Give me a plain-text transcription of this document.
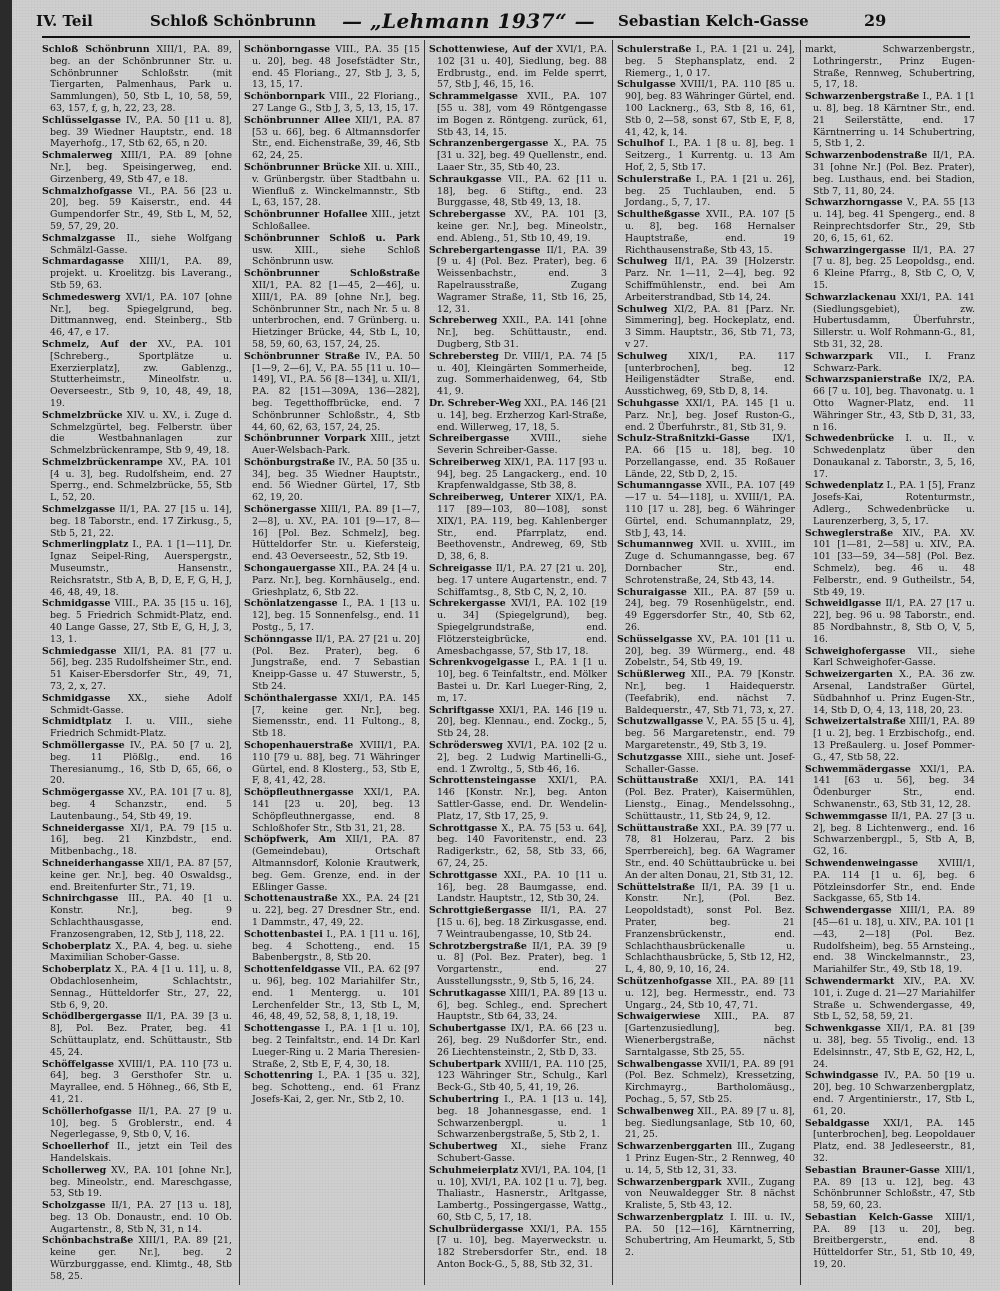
IV. Teil	Schloß Schönbrunn — „Lehmann 1937“ — Sebastian Kelch-Gasse	29

Schloß Schönbrunn XIII/1, P.A. 89, beg. an der Schönbrunner Str. u. Schönbrunner Schloßstr. (mit Tiergarten, Palmenhaus, Park u. Sammlungen), 50, Stb L, 10, 58, 59, 63, 157, f, g, h, 22, 23, 28.

Schlüsselgasse IV., P.A. 50 [11 u. 8], beg. 39 Wiedner Hauptstr., end. 18 Mayerhofg., 17, Stb 62, 65, n 20.

Schmalerweg XIII/1, P.A. 89 [ohne Nr.], beg. Speisingerweg, end. Girzenberg, 49, Stb 47, e 18.

Schmalzhofgasse VI., P.A. 56 [23 u. 20], beg. 59 Kaiserstr., end. 44 Gumpendorfer Str., 49, Stb L, M, 52, 59, 57, 29, 20.

Schmalzgasse II., siehe Wolfgang Schmälzl-Gasse.

Schmardagasse XIII/1, P.A. 89, projekt. u. Kroelitzg. bis Laverang., Stb 59, 63.

Schmedeswerg XVI/1, P.A. 107 [ohne Nr.], beg. Spiegelgrund, beg. Dittmannweg, end. Steinberg., Stb 46, 47, e 17.

Schmelz, Auf der XV., P.A. 101 [Schreberg., Sportplätze u. Exerzierplatz], zw. Gablenzg., Stutterheimstr., Mineolfstr. u. Oeverseestr., Stb 9, 10, 48, 49, 18, 19.

Schmelzbrücke XIV. u. XV., i. Zuge d. Schmelzgürtel, beg. Felberstr. über die Westbahnanlagen zur Schmelzbrückenrampe, Stb 9, 49, 18.

Schmelzbrückenrampe XV., P.A. 101 [4 u. 3], beg. Rudolfsheim, end. 27 Sperrg., end. Schmelzbrücke, 55, Stb L, 52, 20.

Schmelzgasse II/1, P.A. 27 [15 u. 14], beg. 18 Taborstr., end. 17 Zirkusg., 5, Stb 5, 21, 22.

Schmerlingplatz I., P.A. 1 [1—11], Dr. Ignaz Seipel-Ring, Auerspergstr., Museumstr., Hansenstr., Reichsratstr., Stb A, B, D, E, F, G, H, J, 46, 48, 49, 18.

Schmidgasse VIII., P.A. 35 [15 u. 16], beg. 5 Friedrich Schmidt-Platz, end. 40 Lange Gasse, 27, Stb E, G, H, J, 3, 13, 1.

Schmiedgasse XII/1, P.A. 81 [77 u. 56], beg. 235 Rudolfsheimer Str., end. 51 Kaiser-Ebersdorfer Str., 49, 71, 73, 2, x, 27.

Schmidgasse XX., siehe Adolf Schmidt-Gasse.

Schmidtplatz I. u. VIII., siehe Friedrich Schmidt-Platz.

Schmöllergasse IV., P.A. 50 [7 u. 2], beg. 11 Plößlg., end. 16 Theresianumg., 16, Stb D, 65, 66, o 20.

Schmögergasse XV., P.A. 101 [7 u. 8], beg. 4 Schanzstr., end. 5 Lautenbaung., 54, Stb 49, 19.

Schneidergasse XI/1, P.A. 79 [15 u. 16], beg. 21 Kinzbdstr., end. Mitbenbachg., 18.

Schneiderhangasse XII/1, P.A. 87 [57, keine ger. Nr.], beg. 40 Oswaldsg., end. Breitenfurter Str., 71, 19.

Schnirchgasse III., P.A. 40 [1 u. Konstr. Nr.], beg. 9 Schlachthausgasse, end. Franzosengraben, 12, Stb J, 118, 22.

Schoberplatz X., P.A. 4, beg. u. siehe Maximilian Schober-Gasse.

Schoberplatz X., P.A. 4 [1 u. 11], u. 8, Obdachlosenheim, Schlachtstr., Sennag., Hütteldorfer Str., 27, 22, Stb 6, 9, 20.

Schödlbergergasse II/1, P.A. 39 [3 u. 8], Pol. Bez. Prater, beg. 41 Schüttauplatz, end. Schüttaustr., Stb 45, 24.

Schöffelgasse XVIII/1, P.A. 110 [73 u. 64], beg. 3 Gersthofer Str. u. Mayrallee, end. 5 Höhneg., 66, Stb E, 41, 21.

Schöllerhofgasse II/1, P.A. 27 [9 u. 10], beg. 5 Groblerstr., end. 4 Negerlegasse, 9, Stb 0, V, 16.

Schoellerhof II., jetzt ein Teil des Handelskais.

Schollerweg XV., P.A. 101 [ohne Nr.], beg. Mineolstr., end. Mareschgasse, 53, Stb 19.

Scholzgasse II/1, P.A. 27 [13 u. 18], beg. 13 Ob. Donaustr., end. 10 Ob. Augartenstr., 8, Stb N, 31, n 14.

Schönbachstraße XIII/1, P.A. 89 [21, keine ger. Nr.], beg. 2 Würzburggasse, end. Klimtg., 48, Stb 58, 25.

Schönborngasse VIII., P.A. 35 [15 u. 20], beg. 48 Josefstädter Str., end. 45 Floriang., 27, Stb J, 3, 5, 13, 15, 17.

Schönbornpark VIII., 22 Floriang., 27 Lange G., Stb J, 3, 5, 13, 15, 17.

Schönbrunner Allee XII/1, P.A. 87 [53 u. 66], beg. 6 Altmannsdorfer Str., end. Eichenstraße, 39, 46, Stb 62, 24, 25.

Schönbrunner Brücke XII. u. XIII., v. Grünbergstr. über Stadtbahn u. Wienfluß z. Winckelmannstr., Stb L, 63, 157, 28.

Schönbrunner Hofallee XIII., jetzt Schloßallee.

Schönbrunner Schloß u. Park usw. XIII., siehe Schloß Schönbrunn usw.

Schönbrunner Schloßstraße XII/1, P.A. 82 [1—45, 2—46], u. XIII/1, P.A. 89 [ohne Nr.], beg. Schönbrunner Str., nach Nr. 5 u. 8 unterbrochen, end. 7 Grünberg. u. Hietzinger Brücke, 44, Stb L, 10, 58, 59, 60, 63, 157, 24, 25.

Schönbrunner Straße IV., P.A. 50 [1—9, 2—6], V., P.A. 55 [11 u. 10—149], VI., P.A. 56 [8—134], u. XII/1, P.A. 82 [151—309A, 136—282], beg. Tegetthoffbrücke, end. 7 Schönbrunner Schloßstr., 4, Stb 44, 60, 62, 63, 157, 24, 25.

Schönbrunner Vorpark XIII., jetzt Auer-Welsbach-Park.

Schönburgstraße IV., P.A. 50 [35 u. 34], beg. 35 Wiedner Hauptstr., end. 56 Wiedner Gürtel, 17, Stb 62, 19, 20.

Schönergasse XIII/1, P.A. 89 [1—7, 2—8], u. XV., P.A. 101 [9—17, 8—16] [Pol. Bez. Schmelz], beg. Hütteldorfer Str. u. Kiefersteig, end. 43 Oeverseestr., 52, Stb 19.

Schongauergasse XII., P.A. 24 [4 u. Parz. Nr.], beg. Kornhäuselg., end. Grieshplatz, 6, Stb 22.

Schönlatzengasse I., P.A. 1 [13 u. 12], beg. 15 Sonnenfelsg., end. 11 Postg., 5, 17.

Schönngasse II/1, P.A. 27 [21 u. 20] (Pol. Bez. Prater), beg. 6 Jungstraße, end. 7 Sebastian Kneipp-Gasse u. 47 Stuwerstr., 5, Stb 24.

Schönthalergasse XXI/1, P.A. 145 [7, keine ger. Nr.], beg. Siemensstr., end. 11 Fultong., 8, Stb 18.

Schopenhauerstraße XVIII/1, P.A. 110 [79 u. 88], beg. 71 Währinger Gürtel, end. 8 Klosterg., 53, Stb E, F, 8, 41, 42, 28.

Schöpfleuthnergasse XXI/1, P.A. 141 [23 u. 20], beg. 13 Schöpfleuthnergasse, end. 8 Schloßhofer Str., Stb 31, 21, 28.

Schöpfwerk, Am XII/1, P.A. 87 (Gemeindebau), Ortschaft Altmannsdorf, Kolonie Krautwerk, beg. Gem. Grenze, end. in der Eßlinger Gasse.

Schottenaustraße XX., P.A. 24 [21 u. 22], beg. 27 Dresdner Str., end. 1 Dammstr., 47, 49, 22.

Schottenbastei I., P.A. 1 [11 u. 16], beg. 4 Schotteng., end. 15 Babenbergstr., 8, Stb 20.

Schottenfeldgasse VII., P.A. 62 [97 u. 96], beg. 102 Mariahilfer Str., end. 1 Mentergg. u. 101 Lerchenfelder Str., 13, Stb L, M, 46, 48, 49, 52, 58, 8, 1, 18, 19.

Schottengasse I., P.A. 1 [1 u. 10], beg. 2 Teinfaltstr., end. 14 Dr. Karl Lueger-Ring u. 2 Maria Theresien-Straße, 2, Stb E, F, 4, 30, 18.

Schottenring I., P.A. 1 [35 u. 32], beg. Schotteng., end. 61 Franz Josefs-Kai, 2, ger. Nr., Stb 2, 10.

Schottenwiese, Auf der XVI/1, P.A. 102 [31 u. 40], Siedlung, beg. 88 Erdbrustg., end. im Felde sperrt, 57, Stb J, 46, 15, 16.

Schrammelgasse XVII., P.A. 107 [55 u. 38], vom 49 Röntgengasse im Bogen z. Röntgeng. zurück, 61, Stb 43, 14, 15.

Schranzenbergergasse X., P.A. 75 [31 u. 32], beg. 49 Quellenstr., end. Laaer Str., 35, Stb 40, 23.

Schraukgasse VII., P.A. 62 [11 u. 18], beg. 6 Stiftg., end. 23 Burggasse, 48, Stb 49, 13, 18.

Schrebergasse XV., P.A. 101 [3, keine ger. Nr.], beg. Mineolstr., end. Ableng., 51, Stb 10, 49, 19.

Schrebergartengasse II/1, P.A. 39 [9 u. 4] (Pol. Bez. Prater), beg. 6 Weissenbachstr., end. 3 Rapelrausstraße, Zugang Wagramer Straße, 11, Stb 16, 25, 12, 31.

Schreberweg XXII., P.A. 141 [ohne Nr.], beg. Schüttaustr., end. Dugberg, Stb 31.

Schrebersteg Dr. VIII/1, P.A. 74 [5 u. 40], Kleingärten Sommerheide, zug. Sommerhaidenweg, 64, Stb 41, 9.

Dr. Schreber-Weg XXI., P.A. 146 [21 u. 14], beg. Erzherzog Karl-Straße, end. Willerweg, 17, 18, 5.

Schreibergasse XVIII., siehe Severin Schreiber-Gasse.

Schreiberweg XIX/1, P.A. 117 [93 u. 94], beg. 25 Langackerg., end. 10 Krapfenwaldgasse, Stb 38, 8.

Schreiberweg, Unterer XIX/1, P.A. 117 [89—103, 80—108], sonst XIX/1, P.A. 119, beg. Kahlenberger Str., end. Pfarrplatz, end. Beethovenstr., Andreweg, 69, Stb D, 38, 6, 8.

Schreigasse II/1, P.A. 27 [21 u. 20], beg. 17 untere Augartenstr., end. 7 Schiffamtsg., 8, Stb C, N, 2, 10.

Schrekergasse XVI/1, P.A. 102 [19 u. 34] (Spiegelgrund), beg. Spiegelgrundstraße, end. Flötzersteigbrücke, end. Amesbachgasse, 57, Stb 17, 18.

Schrenkvogelgasse I., P.A. 1 [1 u. 10], beg. 6 Teinfaltstr., end. Mölker Bastei u. Dr. Karl Lueger-Ring, 2, m, 17.

Schriftgasse XXI/1, P.A. 146 [19 u. 20], beg. Klennau., end. Zockg., 5, Stb 24, 28.

Schrödersweg XVI/1, P.A. 102 [2 u. 2], beg. 2 Ludwig Martinelli-G., end. 1 Zwroltg., 5, Stb 46, 16.

Schrottensteingasse XXI/1, P.A. 146 [Konstr. Nr.], beg. Anton Sattler-Gasse, end. Dr. Wendelin-Platz, 17, Stb 17, 25, 9.

Schrottgasse X., P.A. 75 [53 u. 64], beg. 140 Favoritenstr., end. 23 Radigerkstr., 62, 58, Stb 33, 66, 67, 24, 25.

Schrottgasse XXI., P.A. 10 [11 u. 16], beg. 28 Baumgasse, end. Landstr. Hauptstr., 12, Stb 30, 24.

Schrottgießergasse II/1, P.A. 27 [15 u. 6], beg. 18 Zirkusgasse, end. 7 Weintraubengasse, 10, Stb 24.

Schrotzbergstraße II/1, P.A. 39 [9 u. 8] (Pol. Bez. Prater), beg. 1 Vorgartenstr., end. 27 Ausstellungsstr., 9, Stb 5, 16, 24.

Schrutkagasse XIII/1, P.A. 89 [13 u. 6], beg. Schleg., end. Sprechert Hauptstr., Stb 64, 33, 24.

Schubertgasse IX/1, P.A. 66 [23 u. 26], beg. 29 Nußdorfer Str., end. 26 Liechtensteinstr., 2, Stb D, 33.

Schubertpark XVIII/1, P.A. 110 [25, 123 Währinger Str., Schulg., Karl Beck-G., Stb 40, 5, 41, 19, 26.

Schubertring I., P.A. 1 [13 u. 14], beg. 18 Johannesgasse, end. 1 Schwarzenbergpl. u. 1 Schwarzenbergstraße, 5, Stb 2, 1.

Schubertweg XI., siehe Franz Schubert-Gasse.

Schuhmeierplatz XVI/1, P.A. 104, [1 u. 10], XVI/1, P.A. 102 [1 u. 7], beg. Thaliastr., Hasnerstr., Arltgasse, Lambertg., Possingergasse, Wattg., 60, Stb C, 5, 17, 18.

Schulbrüdergasse XXI/1, P.A. 155 [7 u. 10], beg. Mayerweckstr. u. 182 Strebersdorfer Str., end. 18 Anton Bock-G., 5, 88, Stb 32, 31.

Schulerstraße I., P.A. 1 [21 u. 24], beg. 5 Stephansplatz, end. 2 Riemerg., 1, 0 17.

Schulgasse XVIII/1, P.A. 110 [85 u. 90], beg. 83 Währinger Gürtel, end. 100 Lacknerg., 63, Stb 8, 16, 61, Stb 0, 2—58, sonst 67, Stb E, F, 8, 41, 42, k, 14.

Schulhof I., P.A. 1 [8 u. 8], beg. 1 Seitzerg., 1 Kurrentg. u. 13 Am Hof, 2, 5, Stb 17.

Schulerstraße I., P.A. 1 [21 u. 26], beg. 25 Tuchlauben, end. 5 Jordang., 5, 7, 17.

Schultheßgasse XVII., P.A. 107 [5 u. 8], beg. 168 Hernalser Hauptstraße, end. 19 Richthausenstraße, Stb 43, 15.

Schulweg II/1, P.A. 39 [Holzerstr. Parz. Nr. 1—11, 2—4], beg. 92 Schiffmühlenstr., end. bei Am Arbeiterstrandbad, Stb 14, 24.

Schulweg XI/2, P.A. 81 [Parz. Nr. Simmering], beg. Hockeplatz, end. 3 Simm. Hauptstr., 36, Stb 71, 73, v 27.

Schulweg XIX/1, P.A. 117 [unterbrochen], beg. 12 Heiligenstädter Straße, end. Ausstichweg, 69, Stb D, 8, 14.

Schuhgasse XXI/1, P.A. 145 [1 u. Parz. Nr.], beg. Josef Ruston-G., end. 2 Überfuhrstr., 81, Stb 31, 9.

Schulz-Straßnitzki-Gasse IX/1, P.A. 66 [15 u. 18], beg. 10 Porzellangasse, end. 35 Roßauer Lände, 22, Stb D, 2, 15.

Schumanngasse XVII., P.A. 107 [49—17 u. 54—118], u. XVIII/1, P.A. 110 [17 u. 28], beg. 6 Währinger Gürtel, end. Schumannplatz, 29, Stb J, 43, 14.

Schumannweg XVII. u. XVIII., im Zuge d. Schumanngasse, beg. 67 Dornbacher Str., end. Schrotenstraße, 24, Stb 43, 14.

Schuraigasse XII., P.A. 87 [59 u. 24], beg. 79 Rosenhügelstr., end. 49 Eggersdorfer Str., 40, Stb 62, 26.

Schüsselgasse XV., P.A. 101 [11 u. 20], beg. 39 Würmerg., end. 48 Zobelstr., 54, Stb 49, 19.

Schüßlerweg XII., P.A. 79 [Konstr. Nr.], beg. 1 Haidequerstr. (Teefabrik), end. nächst 7. Baldequerstr., 47, Stb 71, 73, x, 27.

Schutzwallgasse V., P.A. 55 [5 u. 4], beg. 56 Margaretenstr., end. 79 Margaretenstr., 49, Stb 3, 19.

Schutzgasse XIII., siehe unt. Josef-Schaller-Gasse.

Schüttaustraße XXI/1, P.A. 141 (Pol. Bez. Prater), Kaisermühlen, Lienstg., Einag., Mendelssohng., Schüttaustr., 11, Stb 24, 9, 12.

Schüttaustraße XXI., P.A. 39 [77 u. 78, 81 Holzerau, Parz. 2 bis Sperrbereich], beg. 6A Wagramer Str., end. 40 Schüttaubrücke u. bei An der alten Donau, 21, Stb 31, 12.

Schüttelstraße II/1, P.A. 39 [1 u. Konstr. Nr.], (Pol. Bez. Leopoldstadt), sonst Pol. Bez. Prater, beg. 21 Franzensbrückenstr., end. Schlachthausbrückenalle u. Schlachthausbrücke, 5, Stb 12, H2, L, 4, 80, 9, 10, 16, 24.

Schützenhofgasse XII., P.A. 89 [11 u. 12], beg. Hermesstr., end. 73 Ungarg., 24, Stb 10, 47, 71.

Schwaigerwiese XIII., P.A. 87 [Gartenzusiedlung], beg. Wienerbergstraße, nächst Sarntalgasse, Stb 25, 55.

Schwalbengasse XVII/1, P.A. 89 [91 (Pol. Bez. Schmelz), Kressetzing, Kirchmayrg., Bartholomäusg., Pochag., 5, 57, Stb 25.

Schwalbenweg XII., P.A. 89 [7 u. 8], beg. Siedlungsanlage, Stb 10, 60, 21, 25.

Schwarzenberggarten III., Zugang 1 Prinz Eugen-Str., 2 Rennweg, 40 u. 14, 5, Stb 12, 31, 33.

Schwarzenbergpark XVII., Zugang von Neuwaldegger Str. 8 nächst Kraliste, 5, Stb 43, 12.

Schwarzenbergplatz I. III. u. IV., P.A. 50 [12—16], Kärntnerring, Schubertring, Am Heumarkt, 5, Stb 2.

markt, Schwarzenbergstr., Lothringerstr., Prinz Eugen-Straße, Rennweg, Schubertring, 5, 17, 18.

Schwarzenbergstraße I., P.A. 1 [1 u. 8], beg. 18 Kärntner Str., end. 21 Seilerstätte, end. 17 Kärntnerring u. 14 Schubertring, 5, Stb 1, 2.

Schwarzenbodenstraße II/1, P.A. 31 [ohne Nr.] (Pol. Bez. Prater), beg. Lusthaus, end. bei Stadion, Stb 7, 11, 80, 24.

Schwarzhorngasse V., P.A. 55 [13 u. 14], beg. 41 Spengerg., end. 8 Reinprechtsdorfer Str., 29, Stb 20, 6, 15, 61, 62.

Schwarzingergasse II/1, P.A. 27 [7 u. 8], beg. 25 Leopoldsg., end. 6 Kleine Pfarrg., 8, Stb C, O, V, 15.

Schwarzlackenau XXI/1, P.A. 141 (Siedlungsgebiet), zw. Hubertusdamm, Überfuhrstr., Sillerstr. u. Wolf Rohmann-G., 81, Stb 31, 32, 28.

Schwarzpark VII., I. Franz Schwarz-Park.

Schwarzspanierstraße IX/2, P.A. 66 [7 u. 10], beg. Thavonatg. u. 1 Otto Wagner-Platz, end. 11 Währinger Str., 43, Stb D, 31, 33, n 16.

Schwedenbrücke I. u. II., v. Schwedenplatz über den Donaukanal z. Taborstr., 3, 5, 16, 17.

Schwedenplatz I., P.A. 1 [5], Franz Josefs-Kai, Rotenturmstr., Adlerg., Schwedenbrücke u. Laurenzerberg, 3, 5, 17.

Schweglerstraße XIV., P.A. XV. 101 [1—81, 2—58] u. XIV., P.A. 101 [33—59, 34—58] (Pol. Bez. Schmelz), beg. 46 u. 48 Felberstr., end. 9 Gutheilstr., 54, Stb 49, 19.

Schweidlgasse II/1, P.A. 27 [17 u. 22], beg. 96 u. 98 Taborstr., end. 85 Nordbahnstr., 8, Stb O, V, 5, 16.

Schweighofergasse VII., siehe Karl Schweighofer-Gasse.

Schweizergarten X., P.A. 36 zw. Arsenal, Landstraßer Gürtel, Südbahnhof u. Prinz Eugen-Str., 14, Stb D, O, 4, 13, 118, 20, 23.

Schweizertalstraße XIII/1, P.A. 89 [1 u. 2], beg. 1 Erzbischofg., end. 13 Preßaulerg. u. Josef Pommer-G., 47, Stb 58, 22.

Schwemmädergasse XXI/1, P.A. 141 [63 u. 56], beg. 34 Ödenburger Str., end. Schwanenstr., 63, Stb 31, 12, 28.

Schwemmgasse II/1, P.A. 27 [3 u. 2], beg. 8 Lichtenwerg., end. 16 Schwarzenbergpl., 5, Stb A, B, G2, 16.

Schwendenweingasse XVIII/1, P.A. 114 [1 u. 6], beg. 6 Pötzleinsdorfer Str., end. Ende Sackgasse, 65, Stb 14.

Schwendergasse XIII/1, P.A. 89 [45—61 u. 18], u. XIV., P.A. 101 [1—43, 2—18] (Pol. Bez. Rudolfsheim), beg. 55 Arnsteing., end. 38 Winckelmannstr., 23, Mariahilfer Str., 49, Stb 18, 19.

Schwendermarkt XIV., P.A. XV. 101, i. Zuge d. 21—27 Mariahilfer Straße u. Schwendergasse, 49, Stb L, 52, 58, 59, 21.

Schwenkgasse XII/1, P.A. 81 [39 u. 38], beg. 55 Tivolig., end. 13 Edelsinnstr., 47, Stb E, G2, H2, L, 24.

Schwindgasse IV., P.A. 50 [19 u. 20], beg. 10 Schwarzenbergplatz, end. 7 Argentinierstr., 17, Stb L, 61, 20.

Sebaldgasse XXI/1, P.A. 145 [unterbrochen], beg. Leopoldauer Platz, end. 38 Jedleseerstr., 81, 32.

Sebastian Brauner-Gasse XIII/1, P.A. 89 [13 u. 12], beg. 43 Schönbrunner Schloßstr., 47, Stb 58, 59, 60, 23.

Sebastian Kelch-Gasse XIII/1, P.A. 89 [13 u. 20], beg. Breitbergerstr., end. 8 Hütteldorfer Str., 51, Stb 10, 49, 19, 20.
